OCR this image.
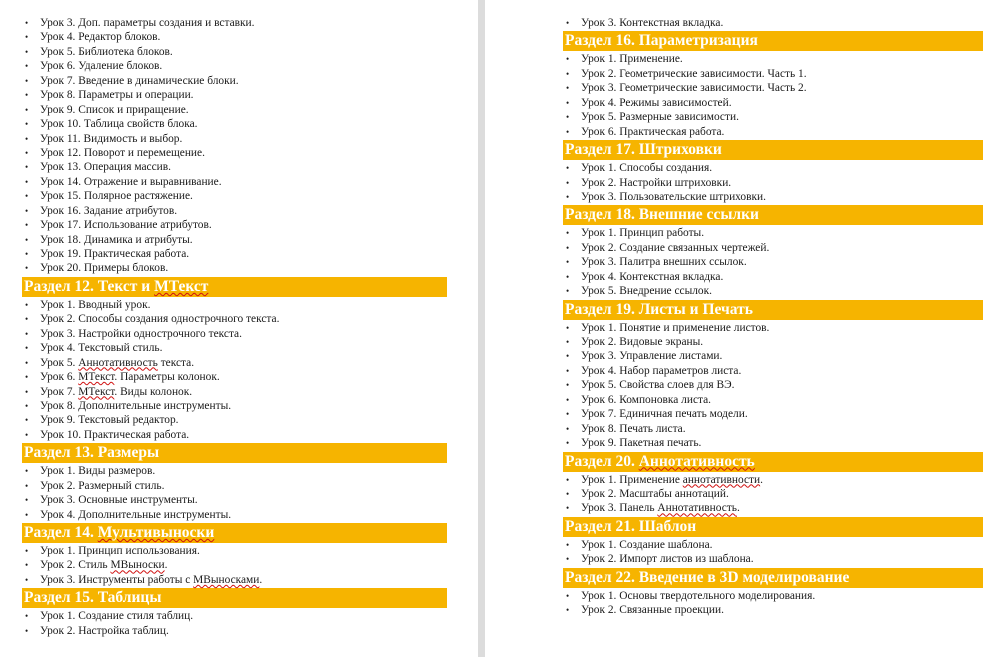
• Урок 3. Доп. параметры создания и вставки.
• Урок 4. Редактор блоков.
• Урок 5. Библиотека блоков.
• Урок 6. Удаление блоков.
• Урок 7. Введение в динамические блоки.
• Урок 8. Параметры и операции.
• Урок 9. Список и приращение.
• Урок 10. Таблица свойств блока.
• Урок 11. Видимость и выбор.
• Урок 12. Поворот и перемещение.
• Урок 13. Операция массив.
• Урок 14. Отражение и выравнивание.
• Урок 15. Полярное растяжение.
• Урок 16. Задание атрибутов.
• Урок 17. Использование атрибутов.
• Урок 18. Динамика и атрибуты.
• Урок 19. Практическая работа.
• Урок 20. Примеры блоков.
Раздел 12. Текст и МТекст
• Урок 1. Вводный урок.
• Урок 2. Способы создания однострочного текста.
• Урок 3. Настройки однострочного текста.
• Урок 4. Текстовый стиль.
• Урок 5. Аннотативность текста.
• Урок 6. МТекст. Параметры колонок.
• Урок 7. МТекст. Виды колонок.
• Урок 8. Дополнительные инструменты.
• Урок 9. Текстовый редактор.
• Урок 10. Практическая работа.
Раздел 13. Размеры
• Урок 1. Виды размеров.
• Урок 2. Размерный стиль.
• Урок 3. Основные инструменты.
• Урок 4. Дополнительные инструменты.
Раздел 14. Мультивыноски
• Урок 1. Принцип использования.
• Урок 2. Стиль МВыноски.
• Урок 3. Инструменты работы с МВыносками.
Раздел 15. Таблицы
• Урок 1. Создание стиля таблиц.
• Урок 2. Настройка таблиц.
• Урок 3. Контекстная вкладка.
Раздел 16. Параметризация
• Урок 1. Применение.
• Урок 2. Геометрические зависимости. Часть 1.
• Урок 3. Геометрические зависимости. Часть 2.
• Урок 4. Режимы зависимостей.
• Урок 5. Размерные зависимости.
• Урок 6. Практическая работа.
Раздел 17. Штриховки
• Урок 1. Способы создания.
• Урок 2. Настройки штриховки.
• Урок 3. Пользовательские штриховки.
Раздел 18. Внешние ссылки
• Урок 1. Принцип работы.
• Урок 2. Создание связанных чертежей.
• Урок 3. Палитра внешних ссылок.
• Урок 4. Контекстная вкладка.
• Урок 5. Внедрение ссылок.
Раздел 19. Листы и Печать
• Урок 1. Понятие и применение листов.
• Урок 2. Видовые экраны.
• Урок 3. Управление листами.
• Урок 4. Набор параметров листа.
• Урок 5. Свойства слоев для ВЭ.
• Урок 6. Компоновка листа.
• Урок 7. Единичная печать модели.
• Урок 8. Печать листа.
• Урок 9. Пакетная печать.
Раздел 20. Аннотативность
• Урок 1. Применение аннотативности.
• Урок 2. Масштабы аннотаций.
• Урок 3. Панель Аннотативность.
Раздел 21. Шаблон
• Урок 1. Создание шаблона.
• Урок 2. Импорт листов из шаблона.
Раздел 22. Введение в 3D моделирование
• Урок 1. Основы твердотельного моделирования.
• Урок 2. Связанные проекции.
